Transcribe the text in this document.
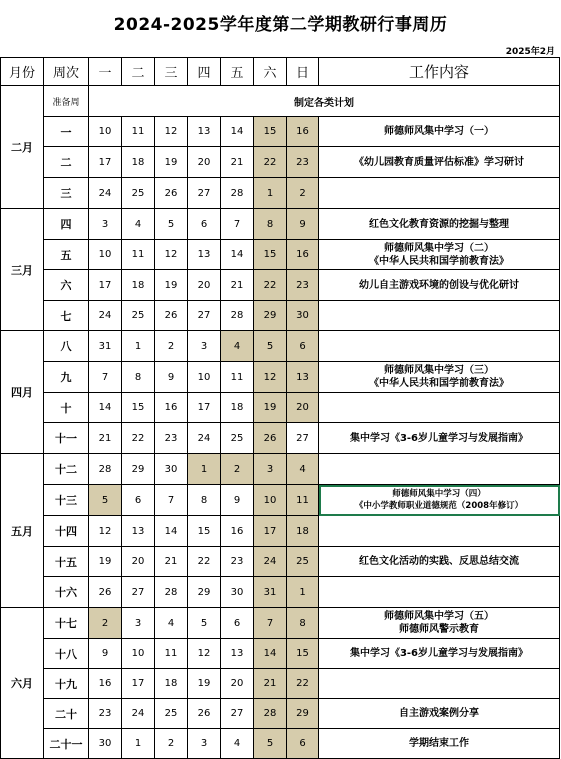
2024-2025学年度第二学期教研行事周历
2025年2月
月份	周次	一	二	三	四	五	六	日	工作内容
二月	准备周	制定各类计划							
	一	10	11	12	13	14	15	16	师德师风集中学习（一）

	二	17	18	19	20	21	22	23	《幼儿园教育质量评估标准》学习研讨

	三	24	25	26	27	28	1	2	
三月	四	3	4	5	6	7	8	9	红色文化教育资源的挖掘与整理

	五	10	11	12	13	14	15	16	师德师风集中学习（二）
《中华人民共和国学前教育法》

	六	17	18	19	20	21	22	23	幼儿自主游戏环境的创设与优化研讨

	七	24	25	26	27	28	29	30	
四月	八	31	1	2	3	4	5	6	
	九	7	8	9	10	11	12	13	师德师风集中学习（三）
《中华人民共和国学前教育法》

	十	14	15	16	17	18	19	20	
	十一	21	22	23	24	25	26	27	集中学习《3-6岁儿童学习与发展指南》

五月	十二	28	29	30	1	2	3	4	
	十三	5	6	7	8	9	10	11	师德师风集中学习（四）
《中小学教师职业道德规范（2008年修订）

	十四	12	13	14	15	16	17	18	
	十五	19	20	21	22	23	24	25	红色文化活动的实践、反思总结交流

	十六	26	27	28	29	30	31	1	
六月	十七	2	3	4	5	6	7	8	师德师风集中学习（五）
师德师风警示教育

	十八	9	10	11	12	13	14	15	集中学习《3-6岁儿童学习与发展指南》

	十九	16	17	18	19	20	21	22	
	二十	23	24	25	26	27	28	29	自主游戏案例分享

	二十一	30	1	2	3	4	5	6	学期结束工作
